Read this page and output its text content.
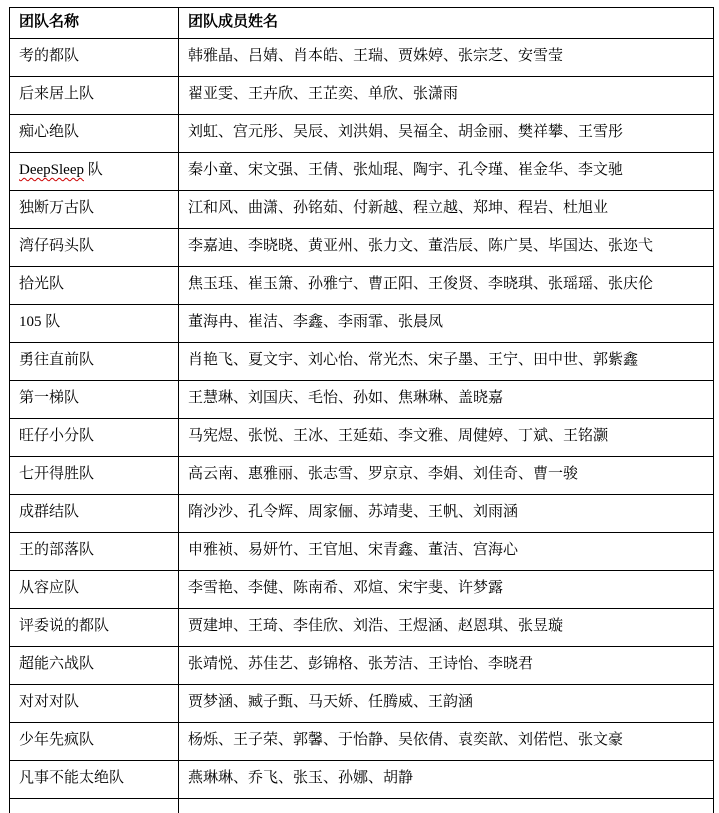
团队名称	团队成员姓名
考的都队	韩雅晶、吕婧、肖本皓、王瑞、贾姝婷、张宗芝、安雪莹
后来居上队	翟亚雯、王卉欣、王芷奕、单欣、张潇雨
痴心绝队	刘虹、宫元彤、吴辰、刘洪娟、吴福全、胡金丽、樊祥攀、王雪彤
DeepSleep 队	秦小童、宋文强、王倩、张灿琨、陶宇、孔令瑾、崔金华、李文驰
独断万古队	江和风、曲潇、孙铭茹、付新越、程立越、郑坤、程岩、杜旭业
湾仔码头队	李嘉迪、李晓晓、黄亚州、张力文、董浩辰、陈广昊、毕国达、张迩弋
拾光队	焦玉珏、崔玉箫、孙雅宁、曹正阳、王俊贤、李晓琪、张瑶瑶、张庆伦
105 队	董海冉、崔洁、李鑫、李雨霏、张晨凤
勇往直前队	肖艳飞、夏文宇、刘心怡、常光杰、宋子墨、王宁、田中世、郭紫鑫
第一梯队	王慧琳、刘国庆、毛怡、孙如、焦琳琳、盖晓嘉
旺仔小分队	马宪煜、张悦、王冰、王延茹、李文雅、周健婷、丁斌、王铭灏
七开得胜队	高云南、惠雅丽、张志雪、罗京京、李娟、刘佳奇、曹一骏
成群结队	隋沙沙、孔令辉、周家俪、苏靖斐、王帆、刘雨涵
王的部落队	申雅祯、易妍竹、王官旭、宋青鑫、董洁、宫海心
从容应队	李雪艳、李健、陈南希、邓煊、宋宇斐、许梦露
评委说的都队	贾建坤、王琦、李佳欣、刘浩、王煜涵、赵恩琪、张昱璇
超能六战队	张靖悦、苏佳艺、彭锦格、张芳洁、王诗怡、李晓君
对对对队	贾梦涵、臧子甄、马天娇、任腾威、王韵涵
少年先疯队	杨烁、王子荣、郭馨、于怡静、吴依倩、袁奕歆、刘偌恺、张文豪
凡事不能太绝队	燕琳琳、乔飞、张玉、孙娜、胡静
